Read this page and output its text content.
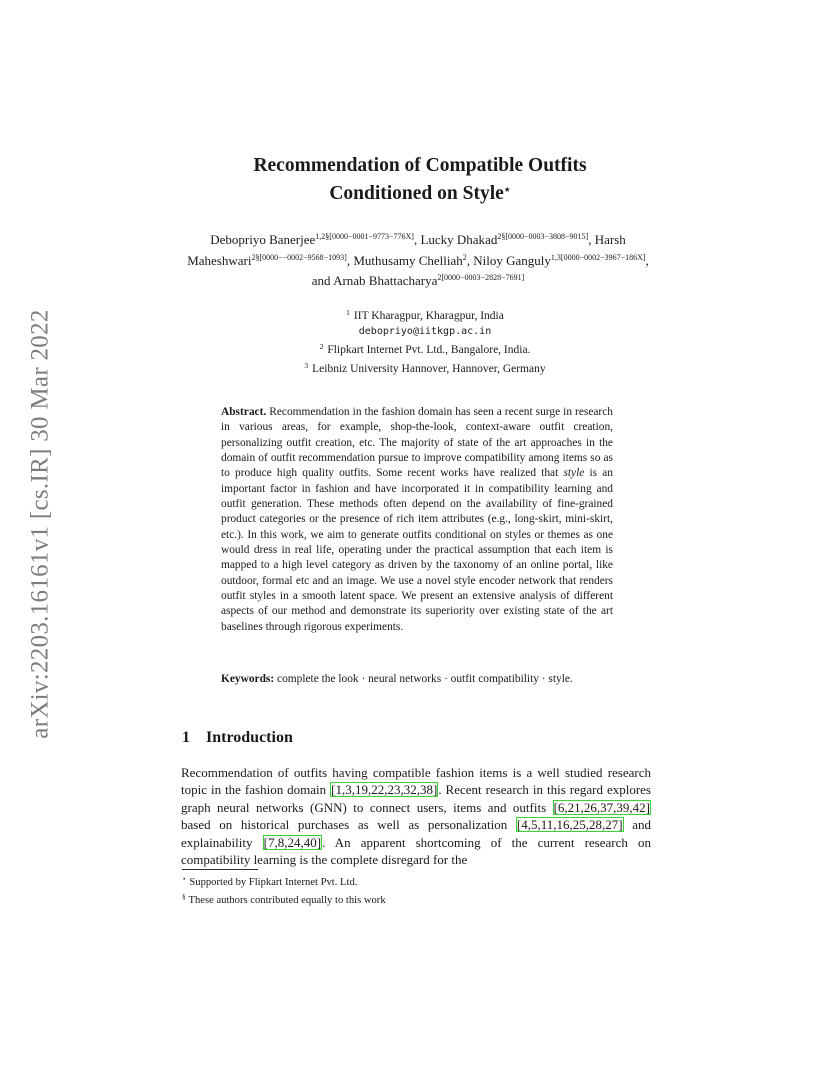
arXiv:2203.16161v1 [cs.IR] 30 Mar 2022
Recommendation of Compatible Outfits
Conditioned on Style⋆
Debopriyo Banerjee$^{1,2\S[0000-0001-9773-776X]}$, Lucky Dhakad$^{2\S[0000-0003-3808-9015]}$, Harsh Maheshwari$^{2\S[0000--0002-9568-1093]}$, Muthusamy Chelliah$^2$, Niloy Ganguly$^{1,3[0000-0002-3967-186X]}$, and Arnab Bhattacharya$^{2[0000-0003-2828-7691]}$
$^1$ IIT Kharagpur, Kharagpur, India
debopriyo@iitkgp.ac.in
$^2$ Flipkart Internet Pvt. Ltd., Bangalore, India.
$^3$ Leibniz University Hannover, Hannover, Germany
Abstract. Recommendation in the fashion domain has seen a recent surge in research in various areas, for example, shop-the-look, context-aware outfit creation, personalizing outfit creation, etc. The majority of state of the art approaches in the domain of outfit recommendation pursue to improve compatibility among items so as to produce high quality outfits. Some recent works have realized that style is an important factor in fashion and have incorporated it in compatibility learning and outfit generation. These methods often depend on the availability of fine-grained product categories or the presence of rich item attributes (e.g., long-skirt, mini-skirt, etc.). In this work, we aim to generate outfits conditional on styles or themes as one would dress in real life, operating under the practical assumption that each item is mapped to a high level category as driven by the taxonomy of an online portal, like outdoor, formal etc and an image. We use a novel style encoder network that renders outfit styles in a smooth latent space. We present an extensive analysis of different aspects of our method and demonstrate its superiority over existing state of the art baselines through rigorous experiments.
Keywords: complete the look · neural networks · outfit compatibility · style.
1 Introduction
Recommendation of outfits having compatible fashion items is a well studied research topic in the fashion domain [1,3,19,22,23,32,38]. Recent research in this regard explores graph neural networks (GNN) to connect users, items and outfits [6,21,26,37,39,42] based on historical purchases as well as personalization [4,5,11,16,25,28,27] and explainability [7,8,24,40]. An apparent shortcoming of the current research on compatibility learning is the complete disregard for the
⋆ Supported by Flipkart Internet Pvt. Ltd.
§ These authors contributed equally to this work
